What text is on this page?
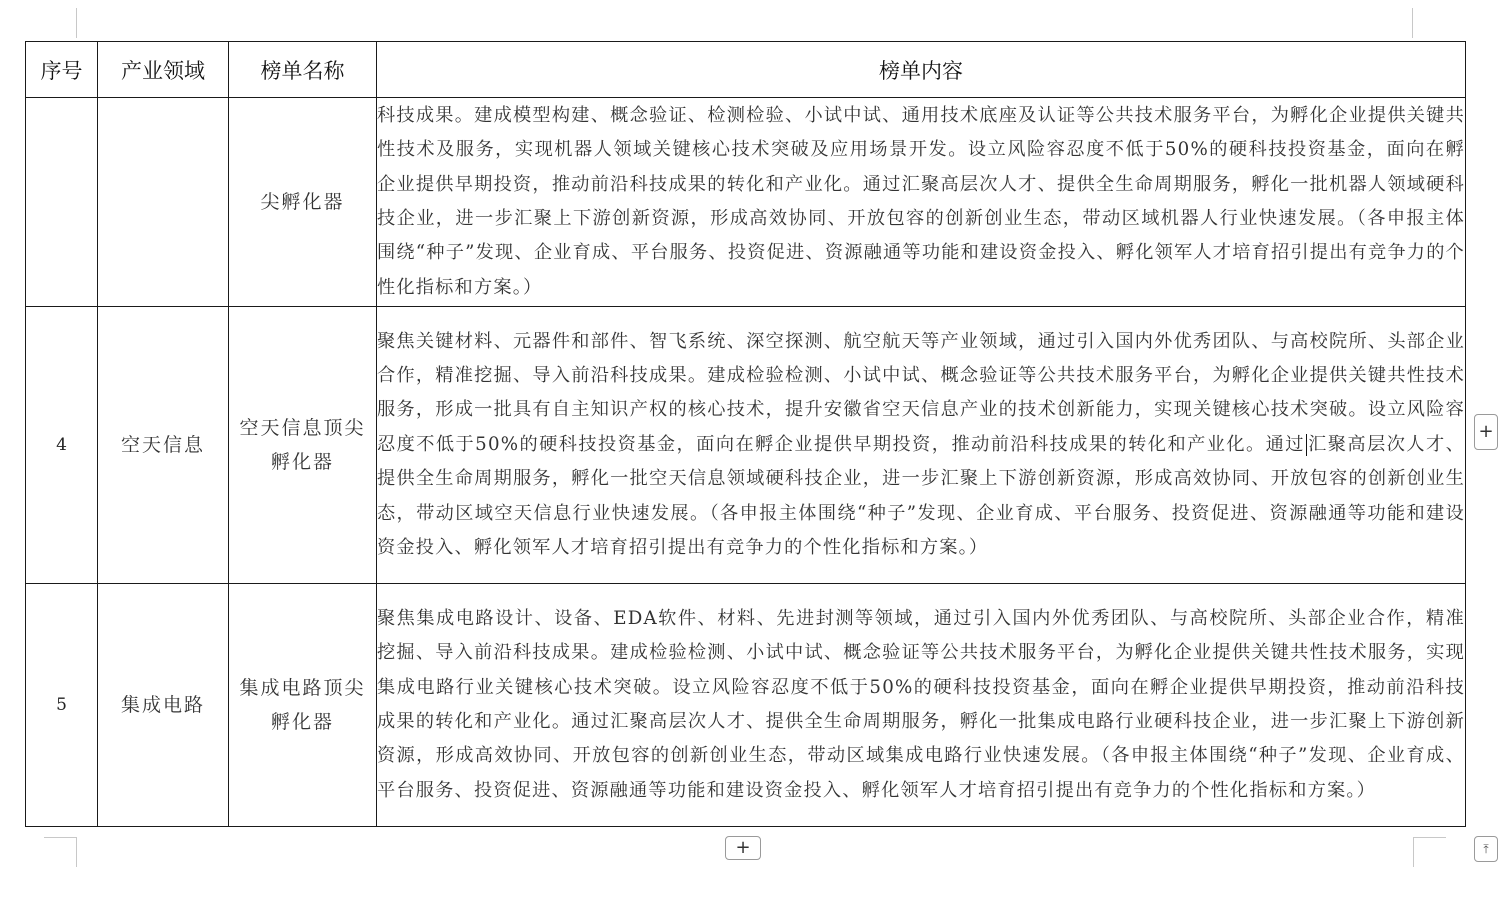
序号	产业领域	榜单名称	榜单内容
		尖孵化器	科技成果。建成模型构建、概念验证、检测检验、小试中试、通用技术底座及认证等公共技术服务平台，为孵化企业提供关键共性技术及服务，实现机器人领域关键核心技术突破及应用场景开发。设立风险容忍度不低于50%的硬科技投资基金，面向在孵企业提供早期投资，推动前沿科技成果的转化和产业化。通过汇聚高层次人才、提供全生命周期服务，孵化一批机器人领域硬科技企业，进一步汇聚上下游创新资源，形成高效协同、开放包容的创新创业生态，带动区域机器人行业快速发展。（各申报主体围绕“种子”发现、企业育成、平台服务、投资促进、资源融通等功能和建设资金投入、孵化领军人才培育招引提出有竞争力的个性化指标和方案。）
4	空天信息	空天信息顶尖孵化器	聚焦关键材料、元器件和部件、智飞系统、深空探测、航空航天等产业领域，通过引入国内外优秀团队、与高校院所、头部企业合作，精准挖掘、导入前沿科技成果。建成检验检测、小试中试、概念验证等公共技术服务平台，为孵化企业提供关键共性技术服务，形成一批具有自主知识产权的核心技术，提升安徽省空天信息产业的技术创新能力，实现关键核心技术突破。设立风险容忍度不低于50%的硬科技投资基金，面向在孵企业提供早期投资，推动前沿科技成果的转化和产业化。通过 汇聚高层次人才、提供全生命周期服务，孵化一批空天信息领域硬科技企业，进一步汇聚上下游创新资源，形成高效协同、开放包容的创新创业生态，带动区域空天信息行业快速发展。（各申报主体围绕“种子”发现、企业育成、平台服务、投资促进、资源融通等功能和建设资金投入、孵化领军人才培育招引提出有竞争力的个性化指标和方案。）
5	集成电路	集成电路顶尖孵化器	聚焦集成电路设计、设备、EDA软件、材料、先进封测等领域，通过引入国内外优秀团队、与高校院所、头部企业合作，精准挖掘、导入前沿科技成果。建成检验检测、小试中试、概念验证等公共技术服务平台，为孵化企业提供关键共性技术服务，实现集成电路行业关键核心技术突破。设立风险容忍度不低于50%的硬科技投资基金，面向在孵企业提供早期投资，推动前沿科技成果的转化和产业化。通过汇聚高层次人才、提供全生命周期服务，孵化一批集成电路行业硬科技企业，进一步汇聚上下游创新资源，形成高效协同、开放包容的创新创业生态，带动区域集成电路行业快速发展。（各申报主体围绕“种子”发现、企业育成、平台服务、投资促进、资源融通等功能和建设资金投入、孵化领军人才培育招引提出有竞争力的个性化指标和方案。）
+
+
⤒
